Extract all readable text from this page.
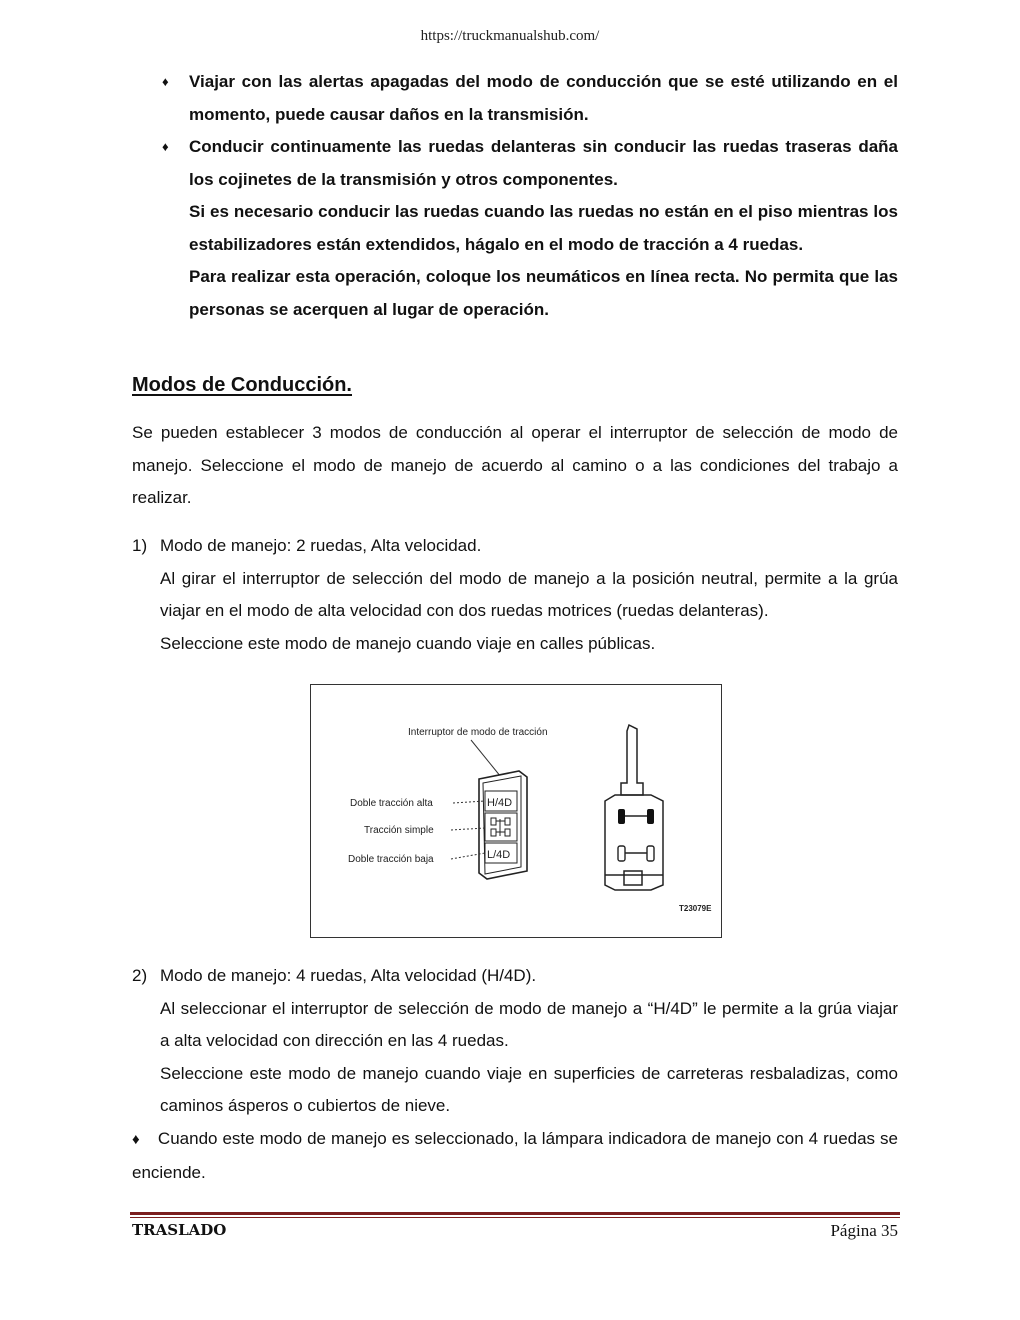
https://truckmanualshub.com/
♦ Viajar con las alertas apagadas del modo de conducción que se esté utilizando en el momento, puede causar daños en la transmisión.
♦ Conducir continuamente las ruedas delanteras sin conducir las ruedas traseras daña los cojinetes de la transmisión y otros componentes.
Si es necesario conducir las ruedas cuando las ruedas no están en el piso mientras los estabilizadores están extendidos, hágalo en el modo de tracción a 4 ruedas.
Para realizar esta operación, coloque los neumáticos en línea recta. No permita que las personas se acerquen al lugar de operación.
Modos de Conducción.
Se pueden establecer 3 modos de conducción al operar el interruptor de selección de modo de manejo. Seleccione el modo de manejo de acuerdo al camino o a las condiciones del trabajo a realizar.
1) Modo de manejo: 2 ruedas, Alta velocidad.
Al girar el interruptor de selección del modo de manejo a la posición neutral, permite a la grúa viajar en el modo de alta velocidad con dos ruedas motrices (ruedas delanteras).
Seleccione este modo de manejo cuando viaje en calles públicas.
Interruptor de modo de tracción
H/4D
L/4D
Doble tracción alta
Tracción simple
Doble tracción baja
T23079E
2) Modo de manejo: 4 ruedas, Alta velocidad (H/4D).
Al seleccionar el interruptor de selección de modo de manejo a “H/4D” le permite a la grúa viajar a alta velocidad con dirección en las 4 ruedas.
Seleccione este modo de manejo cuando viaje en superficies de carreteras resbaladizas, como caminos ásperos o cubiertos de nieve.
♦ Cuando este modo de manejo es seleccionado, la lámpara indicadora de manejo con 4 ruedas se enciende.
TRASLADO	Página 35
